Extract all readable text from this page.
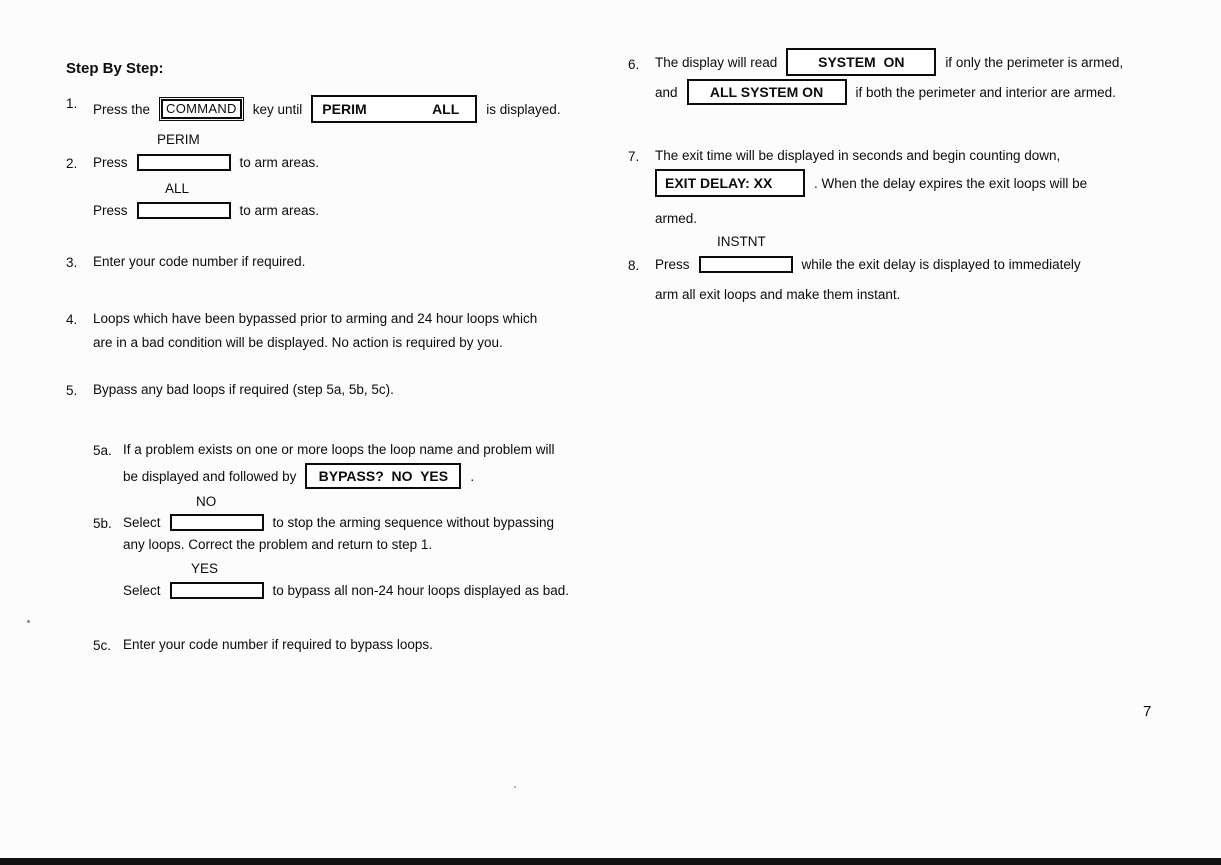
Step By Step:
1.	Press the	COMMAND	key until PERIM	ALL is displayed.
PERIM
2.	Press	to arm areas.
ALL
Press	to arm areas.
3.	Enter your code number if required.
4.	Loops which have been bypassed prior to arming and 24 hour loops which
are in a bad condition will be displayed. No action is required by you.
5.	Bypass any bad loops if required (step 5a, 5b, 5c).
5a. If a problem exists on one or more loops the loop name and problem will
be displayed and followed by	BYPASS?  NO  YES	.
NO
5b. Select	to stop the arming sequence without bypassing
any loops. Correct the problem and return to step 1.
YES
Select	to bypass all non-24 hour loops displayed as bad.
5c. Enter your code number if required to bypass loops.
6.	The display will read	SYSTEM  ON	if only the perimeter is armed,
and	ALL SYSTEM ON	if both the perimeter and interior are armed.
7.	The exit time will be displayed in seconds and begin counting down,
EXIT DELAY: XX	. When the delay expires the exit loops will be
armed.
INSTNT
8.	Press	while the exit delay is displayed to immediately
arm all exit loops and make them instant.
7
